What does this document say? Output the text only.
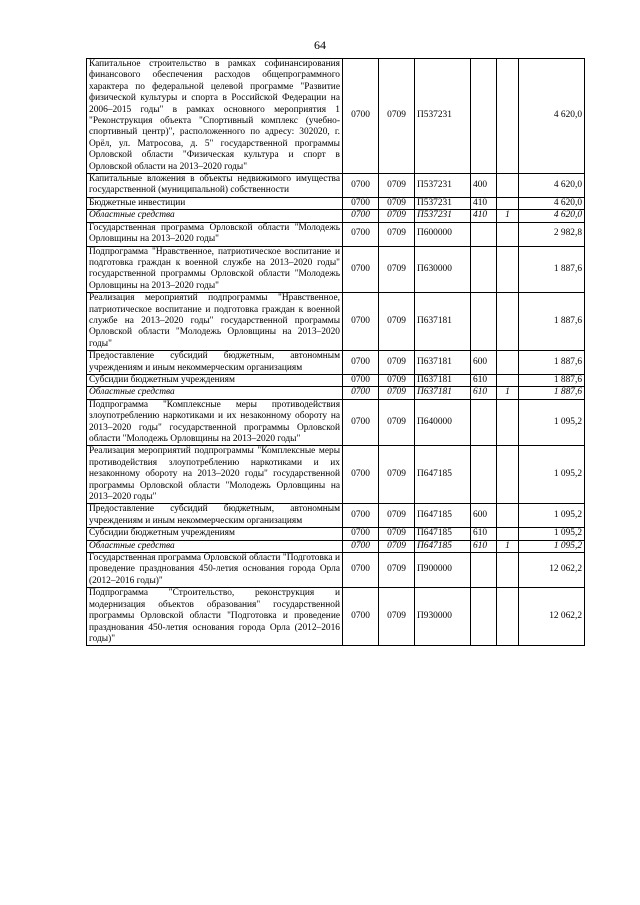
64
Капитальное строительство в рамках софинансирования финансового обеспечения расходов общепрограммного характера по федеральной целевой программе "Развитие физической культуры и спорта в Российской Федерации на 2006–2015 годы" в рамках основного мероприятия 1 "Реконструкция объекта "Спортивный комплекс (учебно-спортивный центр)", расположенного по адресу: 302020, г. Орёл, ул. Матросова, д. 5" государственной программы Орловской области "Физическая культура и спорт в Орловской области на 2013–2020 годы"	0700	0709	П537231			4 620,0
Капитальные вложения в объекты недвижимого имущества государственной (муниципальной) собственности	0700	0709	П537231	400		4 620,0
Бюджетные инвестиции	0700	0709	П537231	410		4 620,0
Областные средства	0700	0709	П537231	410	1	4 620,0
Государственная программа Орловской области "Молодежь Орловщины на 2013–2020 годы"	0700	0709	П600000			2 982,8
Подпрограмма "Нравственное, патриотическое воспитание и подготовка граждан к военной службе на 2013–2020 годы" государственной программы Орловской области "Молодежь Орловщины на 2013–2020 годы"	0700	0709	П630000			1 887,6
Реализация мероприятий подпрограммы "Нравственное, патриотическое воспитание и подготовка граждан к военной службе на 2013–2020 годы" государственной программы Орловской области "Молодежь Орловщины на 2013–2020 годы"	0700	0709	П637181			1 887,6
Предоставление субсидий бюджетным, автономным учреждениям и иным некоммерческим организациям	0700	0709	П637181	600		1 887,6
Субсидии бюджетным учреждениям	0700	0709	П637181	610		1 887,6
Областные средства	0700	0709	П637181	610	1	1 887,6
Подпрограмма "Комплексные меры противодействия злоупотреблению наркотиками и их незаконному обороту на 2013–2020 годы" государственной программы Орловской области "Молодежь Орловщины на 2013–2020 годы"	0700	0709	П640000			1 095,2
Реализация мероприятий подпрограммы "Комплексные меры противодействия злоупотреблению наркотиками и их незаконному обороту на 2013–2020 годы" государственной программы Орловской области "Молодежь Орловщины на 2013–2020 годы"	0700	0709	П647185			1 095,2
Предоставление субсидий бюджетным, автономным учреждениям и иным некоммерческим организациям	0700	0709	П647185	600		1 095,2
Субсидии бюджетным учреждениям	0700	0709	П647185	610		1 095,2
Областные средства	0700	0709	П647185	610	1	1 095,2
Государственная программа Орловской области "Подготовка и проведение празднования 450-летия основания города Орла (2012–2016 годы)"	0700	0709	П900000			12 062,2
Подпрограмма "Строительство, реконструкция и модернизация объектов образования" государственной программы Орловской области "Подготовка и проведение празднования 450-летия основания города Орла (2012–2016 годы)"	0700	0709	П930000			12 062,2
